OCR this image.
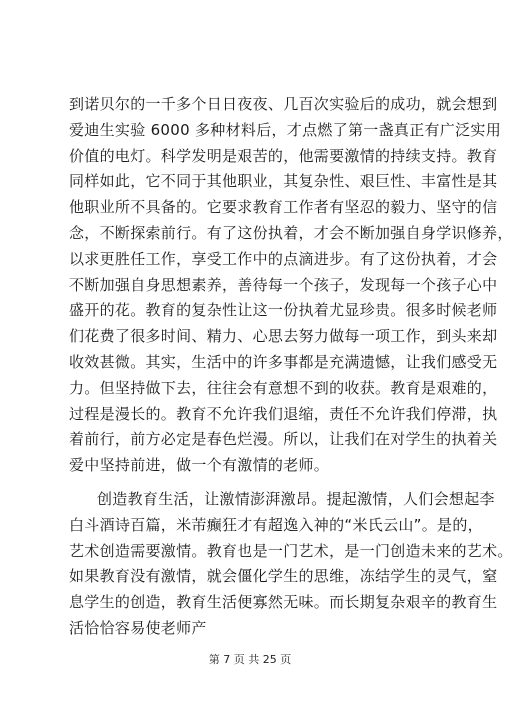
到诺贝尔的一千多个日日夜夜、几百次实验后的成功，就会想到
爱迪生实验 6000 多种材料后，才点燃了第一盏真正有广泛实用
价值的电灯。科学发明是艰苦的，他需要激情的持续支持。教育
同样如此，它不同于其他职业，其复杂性、艰巨性、丰富性是其
他职业所不具备的。它要求教育工作者有坚忍的毅力、坚守的信
念，不断探索前行。有了这份执着，才会不断加强自身学识修养，
以求更胜任工作，享受工作中的点滴进步。有了这份执着，才会
不断加强自身思想素养，善待每一个孩子，发现每一个孩子心中
盛开的花。教育的复杂性让这一份执着尤显珍贵。很多时候老师
们花费了很多时间、精力、心思去努力做每一项工作，到头来却
收效甚微。其实，生活中的许多事都是充满遗憾，让我们感受无
力。但坚持做下去，往往会有意想不到的收获。教育是艰难的，
过程是漫长的。教育不允许我们退缩，责任不允许我们停滞，执
着前行，前方必定是春色烂漫。所以，让我们在对学生的执着关
爱中坚持前进，做一个有激情的老师。
创造教育生活，让激情澎湃激昂。提起激情，人们会想起李
白斗酒诗百篇，米芾癫狂才有超逸入神的“米氏云山”。是的，
艺术创造需要激情。教育也是一门艺术，是一门创造未来的艺术。
如果教育没有激情，就会僵化学生的思维，冻结学生的灵气，窒
息学生的创造，教育生活便寡然无味。而长期复杂艰辛的教育生
活恰恰容易使老师产
第 7 页 共 25 页
